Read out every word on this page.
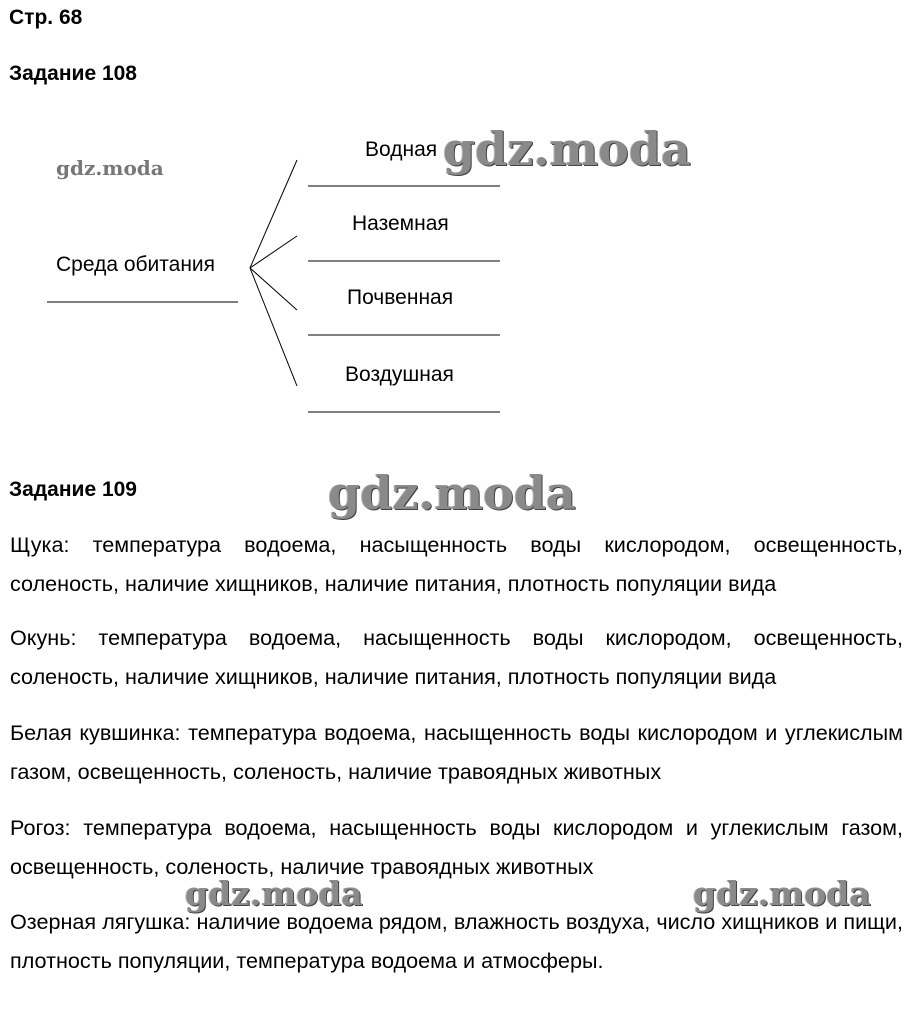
Стр. 68
Задание 108
Среда обитания
Водная
Наземная
Почвенная
Воздушная
Задание 109
Щука: температура водоема, насыщенность воды кислородом, освещенность, соленость, наличие хищников, наличие питания, плотность популяции вида
Окунь: температура водоема, насыщенность воды кислородом, освещенность, соленость, наличие хищников, наличие питания, плотность популяции вида
Белая кувшинка: температура водоема, насыщенность воды кислородом и углекислым газом, освещенность, соленость, наличие травоядных животных
Рогоз: температура водоема, насыщенность воды кислородом и углекислым газом, освещенность, соленость, наличие травоядных животных
Озерная лягушка: наличие водоема рядом, влажность воздуха, число хищников и пищи, плотность популяции, температура водоема и атмосферы.
gdz.moda	gdz.moda
gdz.moda
gdz.moda	gdz.moda
